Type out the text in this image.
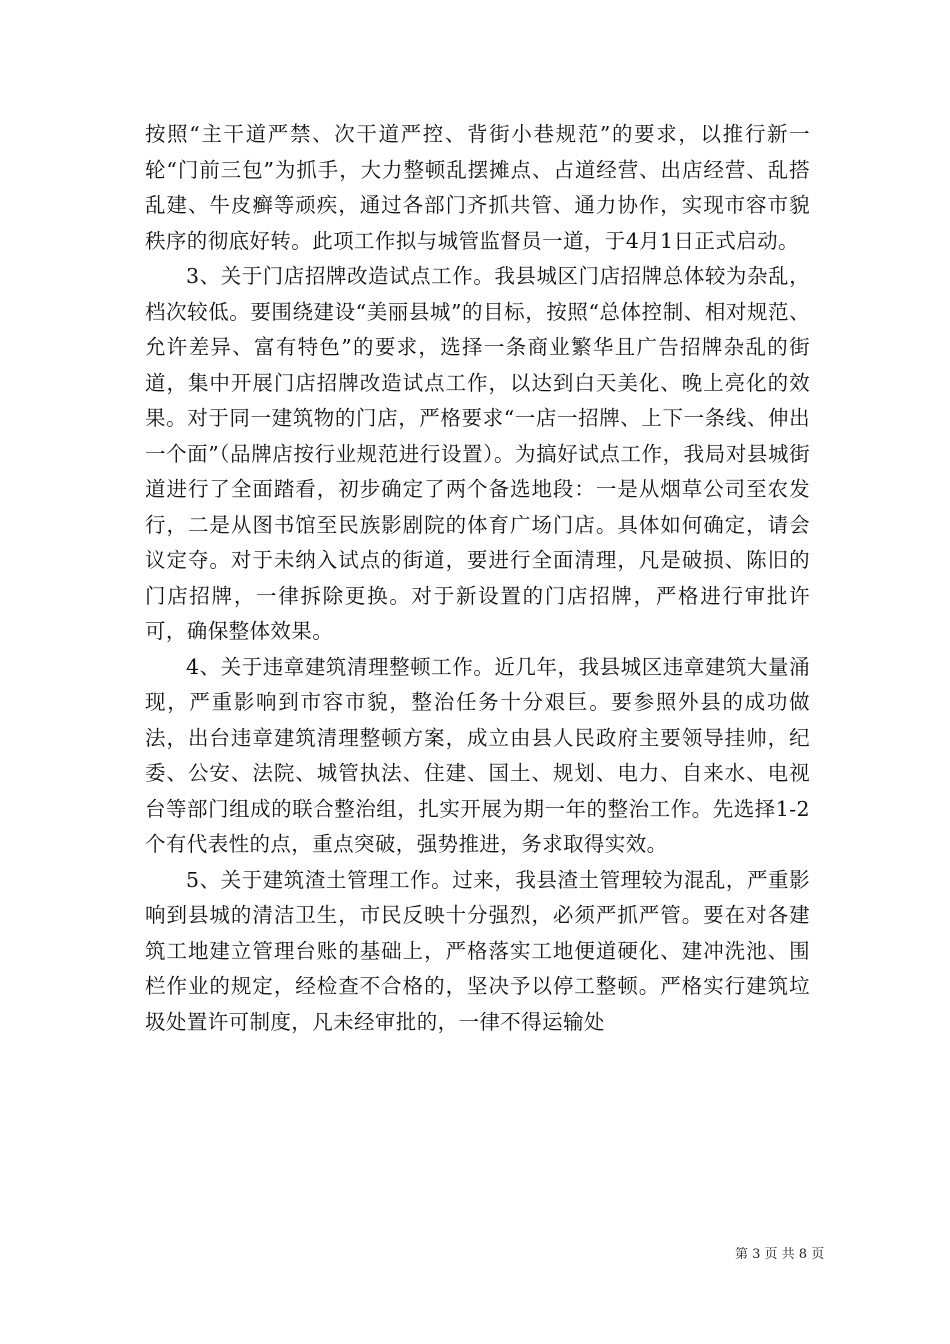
按照“主干道严禁、次干道严控、背街小巷规范”的要求，以推行新一轮“门前三包”为抓手，大力整顿乱摆摊点、占道经营、出店经营、乱搭乱建、牛皮癣等顽疾，通过各部门齐抓共管、通力协作，实现市容市貌秩序的彻底好转。此项工作拟与城管监督员一道，于4月1日正式启动。

3、关于门店招牌改造试点工作。我县城区门店招牌总体较为杂乱，档次较低。要围绕建设“美丽县城”的目标，按照“总体控制、相对规范、允许差异、富有特色”的要求，选择一条商业繁华且广告招牌杂乱的街道，集中开展门店招牌改造试点工作，以达到白天美化、晚上亮化的效果。对于同一建筑物的门店，严格要求“一店一招牌、上下一条线、伸出一个面”（品牌店按行业规范进行设置）。为搞好试点工作，我局对县城街道进行了全面踏看，初步确定了两个备选地段：一是从烟草公司至农发行，二是从图书馆至民族影剧院的体育广场门店。具体如何确定，请会议定夺。对于未纳入试点的街道，要进行全面清理，凡是破损、陈旧的门店招牌，一律拆除更换。对于新设置的门店招牌，严格进行审批许可，确保整体效果。

4、关于违章建筑清理整顿工作。近几年，我县城区违章建筑大量涌现，严重影响到市容市貌，整治任务十分艰巨。要参照外县的成功做法，出台违章建筑清理整顿方案，成立由县人民政府主要领导挂帅，纪委、公安、法院、城管执法、住建、国土、规划、电力、自来水、电视台等部门组成的联合整治组，扎实开展为期一年的整治工作。先选择1-2个有代表性的点，重点突破，强势推进，务求取得实效。

5、关于建筑渣土管理工作。过来，我县渣土管理较为混乱，严重影响到县城的清洁卫生，市民反映十分强烈，必须严抓严管。要在对各建筑工地建立管理台账的基础上，严格落实工地便道硬化、建冲洗池、围栏作业的规定，经检查不合格的，坚决予以停工整顿。严格实行建筑垃圾处置许可制度，凡未经审批的，一律不得运输处

第 3 页 共 8 页
